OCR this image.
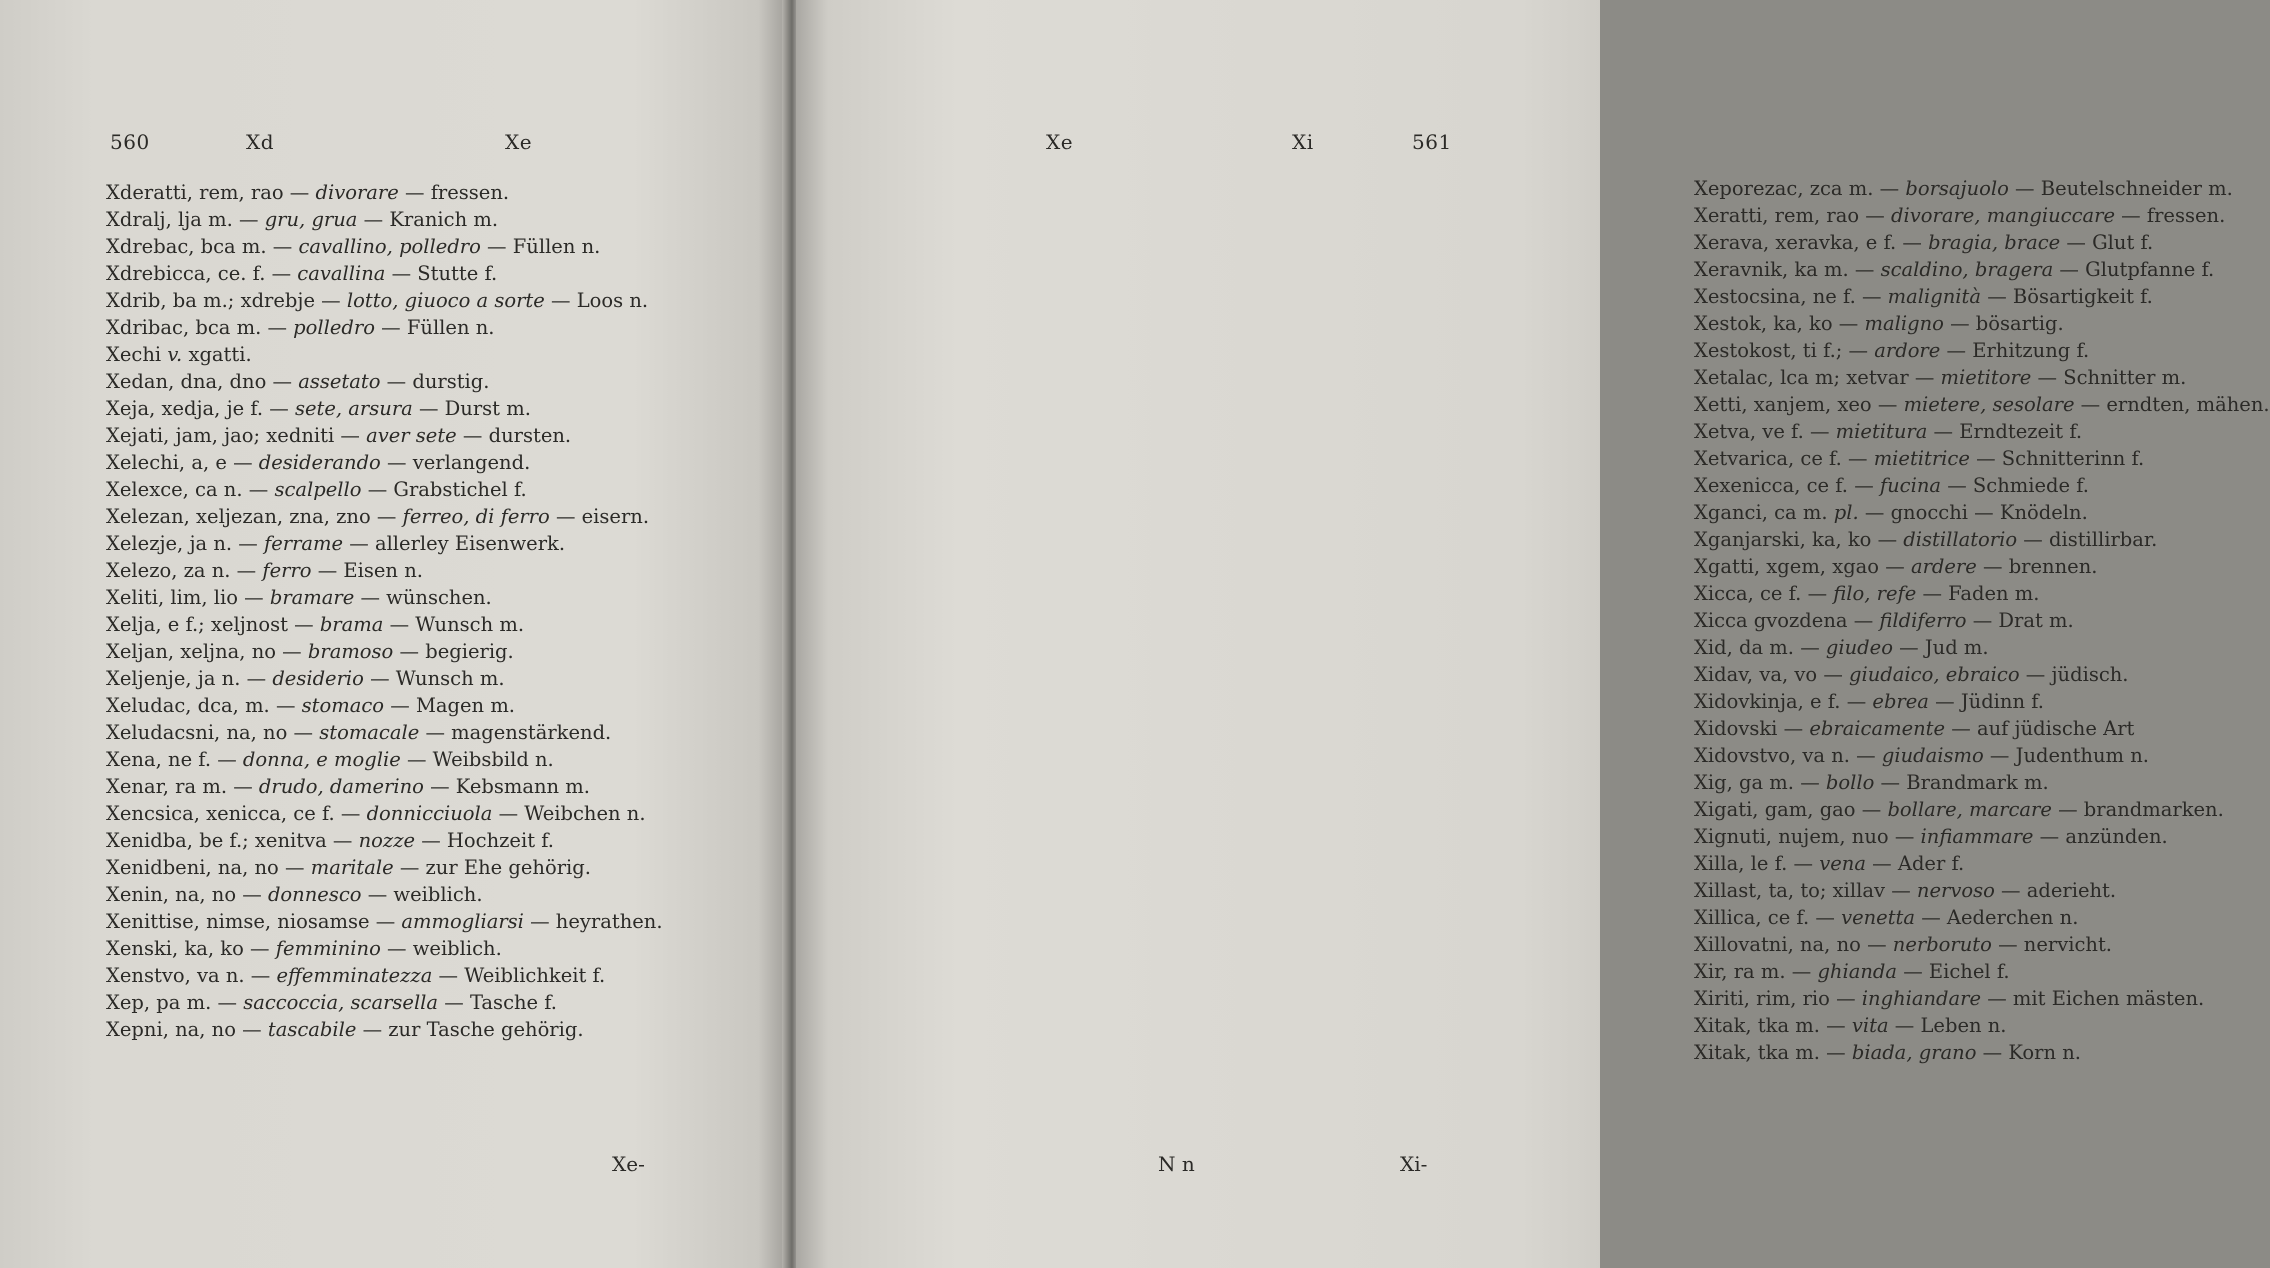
560	Xd	Xe
Xderatti, rem, rao — divorare — fressen.
Xdralj, lja m. — gru, grua — Kranich m.
Xdrebac, bca m. — cavallino, polledro — Füllen n.
Xdrebicca, ce. f. — cavallina — Stutte f.
Xdrib, ba m.; xdrebje — lotto, giuoco a sorte — Loos n.
Xdribac, bca m. — polledro — Füllen n.
Xechi v. xgatti.
Xedan, dna, dno — assetato — durstig.
Xeja, xedja, je f. — sete, arsura — Durst m.
Xejati, jam, jao; xedniti — aver sete — dursten.
Xelechi, a, e — desiderando — verlangend.
Xelexce, ca n. — scalpello — Grabstichel f.
Xelezan, xeljezan, zna, zno — ferreo, di ferro — eisern.
Xelezje, ja n. — ferrame — allerley Eisenwerk.
Xelezo, za n. — ferro — Eisen n.
Xeliti, lim, lio — bramare — wünschen.
Xelja, e f.; xeljnost — brama — Wunsch m.
Xeljan, xeljna, no — bramoso — begierig.
Xeljenje, ja n. — desiderio — Wunsch m.
Xeludac, dca, m. — stomaco — Magen m.
Xeludacsni, na, no — stomacale — magenstärkend.
Xena, ne f. — donna, e moglie — Weibsbild n.
Xenar, ra m. — drudo, damerino — Kebsmann m.
Xencsica, xenicca, ce f. — donnicciuola — Weibchen n.
Xenidba, be f.; xenitva — nozze — Hochzeit f.
Xenidbeni, na, no — maritale — zur Ehe gehörig.
Xenin, na, no — donnesco — weiblich.
Xenittise, nimse, niosamse — ammogliarsi — heyrathen.
Xenski, ka, ko — femminino — weiblich.
Xenstvo, va n. — effemminatezza — Weiblichkeit f.
Xep, pa m. — saccoccia, scarsella — Tasche f.
Xepni, na, no — tascabile — zur Tasche gehörig.
Xe-
Xe	Xi	561
Xeporezac, zca m. — borsajuolo — Beutelschneider m.
Xeratti, rem, rao — divorare, mangiuccare — fressen.
Xerava, xeravka, e f. — bragia, brace — Glut f.
Xeravnik, ka m. — scaldino, bragera — Glutpfanne f.
Xestocsina, ne f. — malignità — Bösartigkeit f.
Xestok, ka, ko — maligno — bösartig.
Xestokost, ti f.; — ardore — Erhitzung f.
Xetalac, lca m; xetvar — mietitore — Schnitter m.
Xetti, xanjem, xeo — mietere, sesolare — erndten, mähen.
Xetva, ve f. — mietitura — Erndtezeit f.
Xetvarica, ce f. — mietitrice — Schnitterinn f.
Xexenicca, ce f. — fucina — Schmiede f.
Xganci, ca m. pl. — gnocchi — Knödeln.
Xganjarski, ka, ko — distillatorio — distillirbar.
Xgatti, xgem, xgao — ardere — brennen.
Xicca, ce f. — filo, refe — Faden m.
Xicca gvozdena — fildiferro — Drat m.
Xid, da m. — giudeo — Jud m.
Xidav, va, vo — giudaico, ebraico — jüdisch.
Xidovkinja, e f. — ebrea — Jüdinn f.
Xidovski — ebraicamente — auf jüdische Art
Xidovstvo, va n. — giudaismo — Judenthum n.
Xig, ga m. — bollo — Brandmark m.
Xigati, gam, gao — bollare, marcare — brandmarken.
Xignuti, nujem, nuo — infiammare — anzünden.
Xilla, le f. — vena — Ader f.
Xillast, ta, to; xillav — nervoso — aderieht.
Xillica, ce f. — venetta — Aederchen n.
Xillovatni, na, no — nerboruto — nervicht.
Xir, ra m. — ghianda — Eichel f.
Xiriti, rim, rio — inghiandare — mit Eichen mästen.
Xitak, tka m. — vita — Leben n.
Xitak, tka m. — biada, grano — Korn n.
N n	Xi-
